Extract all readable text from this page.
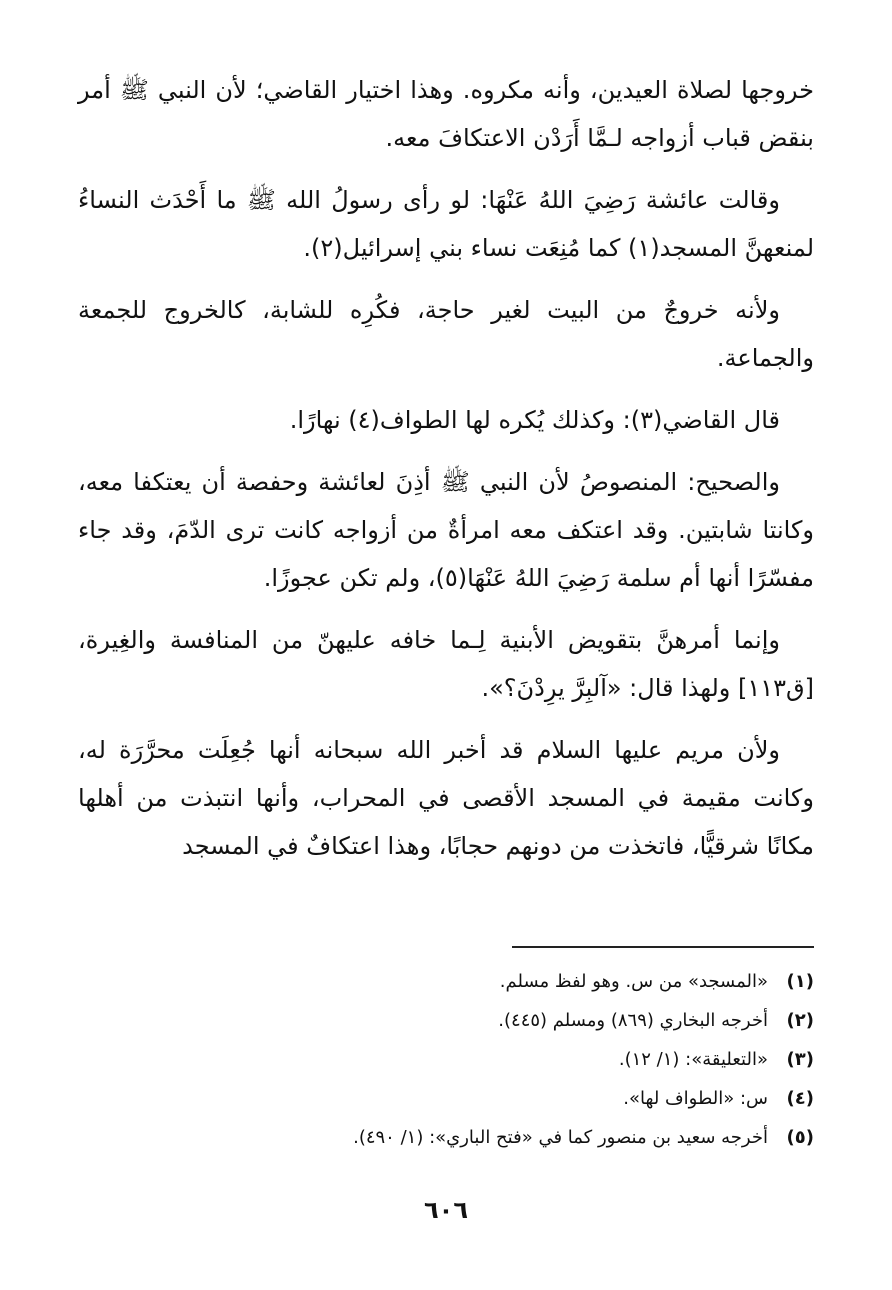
خروجها لصلاة العيدين، وأنه مكروه. وهذا اختيار القاضي؛ لأن النبي ﷺ أمر بنقض قباب أزواجه لـمَّا أَرَدْن الاعتكافَ معه.

وقالت عائشة رَضِيَ اللهُ عَنْهَا: لو رأى رسولُ الله ﷺ ما أَحْدَث النساءُ لمنعهنَّ المسجد(١) كما مُنِعَت نساء بني إسرائيل(٢).

ولأنه خروجٌ من البيت لغير حاجة، فكُرِه للشابة، كالخروج للجمعة والجماعة.

قال القاضي(٣): وكذلك يُكره لها الطواف(٤) نهارًا.

والصحيح: المنصوصُ لأن النبي ﷺ أذِنَ لعائشة وحفصة أن يعتكفا معه، وكانتا شابتين. وقد اعتكف معه امرأةٌ من أزواجه كانت ترى الدّمَ، وقد جاء مفسّرًا أنها أم سلمة رَضِيَ اللهُ عَنْهَا(٥)، ولم تكن عجوزًا.

وإنما أمرهنَّ بتقويض الأبنية لِـما خافه عليهنّ من المنافسة والغِيرة، [ق١١٣] ولهذا قال: «آلبِرَّ يرِدْنَ؟».

ولأن مريم عليها السلام قد أخبر الله سبحانه أنها جُعِلَت محرَّرَة له، وكانت مقيمة في المسجد الأقصى في المحراب، وأنها انتبذت من أهلها مكانًا شرقيًّا، فاتخذت من دونهم حجابًا، وهذا اعتكافٌ في المسجد

(١)
«المسجد» من س. وهو لفظ مسلم.
(٢)
أخرجه البخاري (٨٦٩) ومسلم (٤٤٥).
(٣)
«التعليقة»: (١/ ١٢).
(٤)
س: «الطواف لها».
(٥)
أخرجه سعيد بن منصور كما في «فتح الباري»: (١/ ٤٩٠).
٦٠٦
